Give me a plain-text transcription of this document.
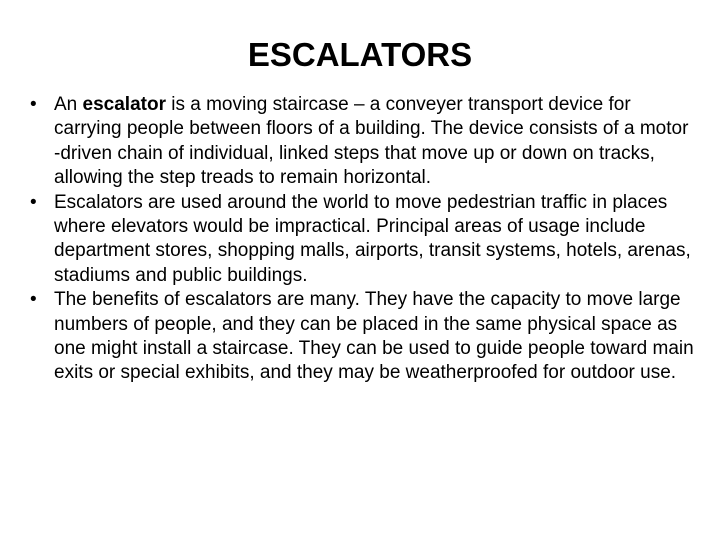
ESCALATORS
• An escalator is a moving staircase – a conveyer transport device for carrying people between floors of a building. The device consists of a motor -driven chain of individual, linked steps that move up or down on tracks, allowing the step treads to remain horizontal.
• Escalators are used around the world to move pedestrian traffic in places where elevators would be impractical. Principal areas of usage include department stores, shopping malls, airports, transit systems, hotels, arenas, stadiums and public buildings.
• The benefits of escalators are many. They have the capacity to move large numbers of people, and they can be placed in the same physical space as one might install a staircase. They can be used to guide people toward main exits or special exhibits, and they may be weatherproofed for outdoor use.
